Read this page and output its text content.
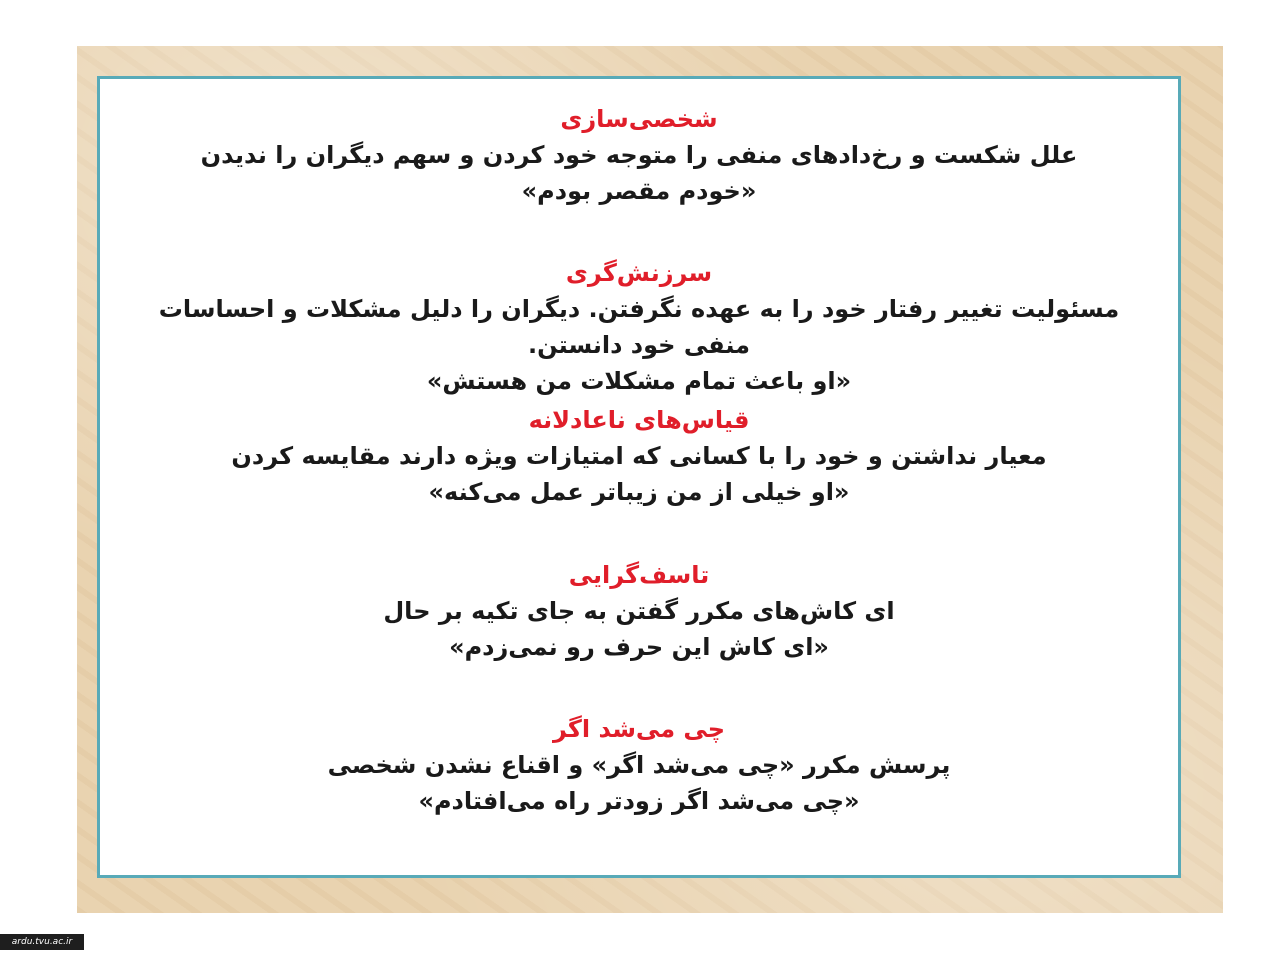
شخصی‌سازی

علل شکست و رخ‌دادهای منفی را متوجه خود کردن و سهم دیگران را ندیدن

«خودم مقصر بودم»

سرزنش‌گری

مسئولیت تغییر رفتار خود را به عهده نگرفتن. دیگران را دلیل مشکلات و احساسات منفی خود دانستن.

«او باعث تمام مشکلات من هستش»

قیاس‌های ناعادلانه

معیار نداشتن و خود را با کسانی که امتیازات ویژه دارند مقایسه کردن

«او خیلی از من زیباتر عمل می‌کنه»

تاسف‌گرایی

ای کاش‌های مکرر گفتن به جای تکیه بر حال

«ای کاش این حرف رو نمی‌زدم»

چی می‌شد اگر

پرسش مکرر «چی می‌شد اگر» و اقناع نشدن شخصی

«چی می‌شد اگر زودتر راه می‌افتادم»

ardu.tvu.ac.ir
